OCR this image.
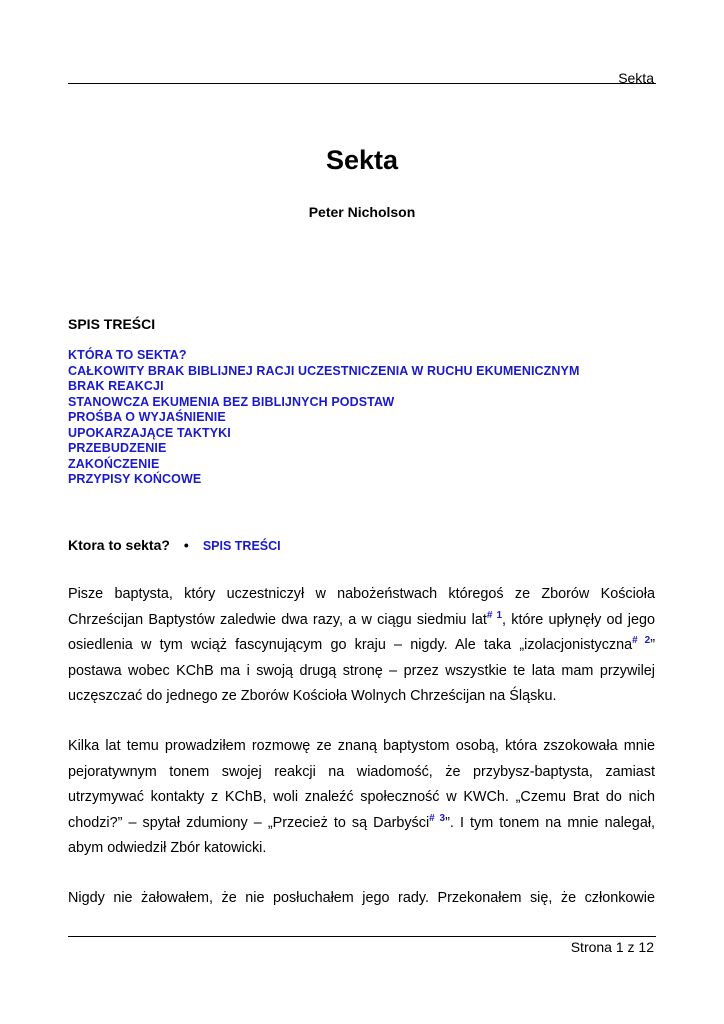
Sekta
Sekta
Peter Nicholson
SPIS TREŚCI
KTÓRA TO SEKTA?
CAŁKOWITY BRAK BIBLIJNEJ RACJI UCZESTNICZENIA W RUCHU EKUMENICZNYM
BRAK REAKCJI
STANOWCZA EKUMENIA BEZ BIBLIJNYCH PODSTAW
PROŚBA O WYJAŚNIENIE
UPOKARZAJĄCE TAKTYKI
PRZEBUDZENIE
ZAKOŃCZENIE
PRZYPISY KOŃCOWE
Ktora to sekta? • SPIS TREŚCI

Pisze baptysta, który uczestniczył w nabożeństwach któregoś ze Zborów Kościoła Chrześcijan Baptystów zaledwie dwa razy, a w ciągu siedmiu lat$^{\# 1}$, które upłynęły od jego osiedlenia w tym wciąż fascynującym go kraju – nigdy. Ale taka „izolacjonistyczna$^{\# 2}$” postawa wobec KChB ma i swoją drugą stronę – przez wszystkie te lata mam przywilej uczęszczać do jednego ze Zborów Kościoła Wolnych Chrześcijan na Śląsku.

Kilka lat temu prowadziłem rozmowę ze znaną baptystom osobą, która zszokowała mnie pejoratywnym tonem swojej reakcji na wiadomość, że przybysz-baptysta, zamiast utrzymywać kontakty z KChB, woli znaleźć społeczność w KWCh. „Czemu Brat do nich chodzi?” – spytał zdumiony – „Przecież to są Darbyści$^{\# 3}$”. I tym tonem na mnie nalegał, abym odwiedził Zbór katowicki.

Nigdy nie żałowałem, że nie posłuchałem jego rady. Przekonałem się, że członkowie

Strona 1 z 12
